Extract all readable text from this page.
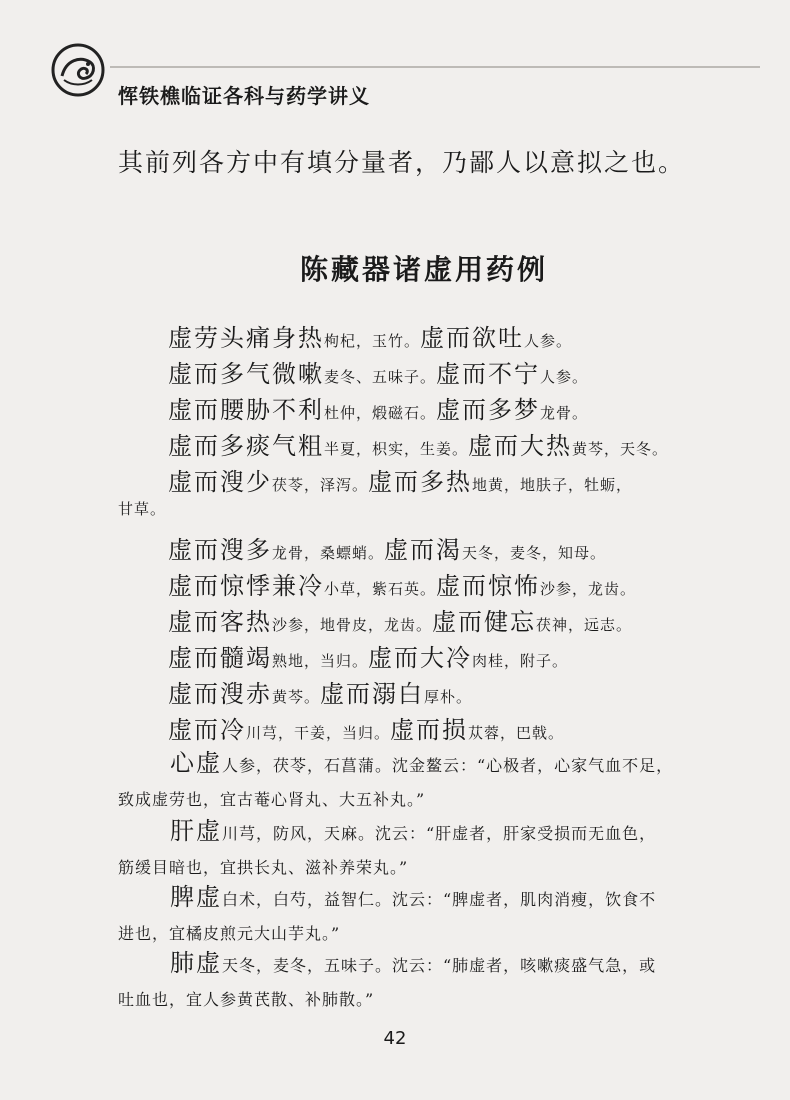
恽铁樵临证各科与药学讲义
其前列各方中有填分量者，乃鄙人以意拟之也。
陈藏器诸虚用药例
虚劳头痛身热枸杞，玉竹。虚而欲吐人参。
虚而多气微嗽麦冬、五味子。虚而不宁人参。
虚而腰胁不利杜仲，煅磁石。虚而多梦龙骨。
虚而多痰气粗半夏，枳实，生姜。虚而大热黄芩，天冬。
虚而溲少茯苓，泽泻。虚而多热地黄，地肤子，牡蛎，
甘草。
虚而溲多龙骨，桑螵蛸。虚而渴天冬，麦冬，知母。
虚而惊悸兼冷小草，紫石英。虚而惊怖沙参，龙齿。
虚而客热沙参，地骨皮，龙齿。虚而健忘茯神，远志。
虚而髓竭熟地，当归。虚而大冷肉桂，附子。
虚而溲赤黄芩。虚而溺白厚朴。
虚而冷川芎，干姜，当归。虚而损苁蓉，巴戟。

心虚人参，茯苓，石菖蒲。沈金鳌云：“心极者，心家气血不足，

致成虚劳也，宜古菴心肾丸、大五补丸。”

肝虚川芎，防风，天麻。沈云：“肝虚者，肝家受损而无血色，

筋缓目暗也，宜拱长丸、滋补养荣丸。”

脾虚白术，白芍，益智仁。沈云：“脾虚者，肌肉消瘦，饮食不

进也，宜橘皮煎元大山芋丸。”

肺虚天冬，麦冬，五味子。沈云：“肺虚者，咳嗽痰盛气急，或

吐血也，宜人参黄芪散、补肺散。”

42
